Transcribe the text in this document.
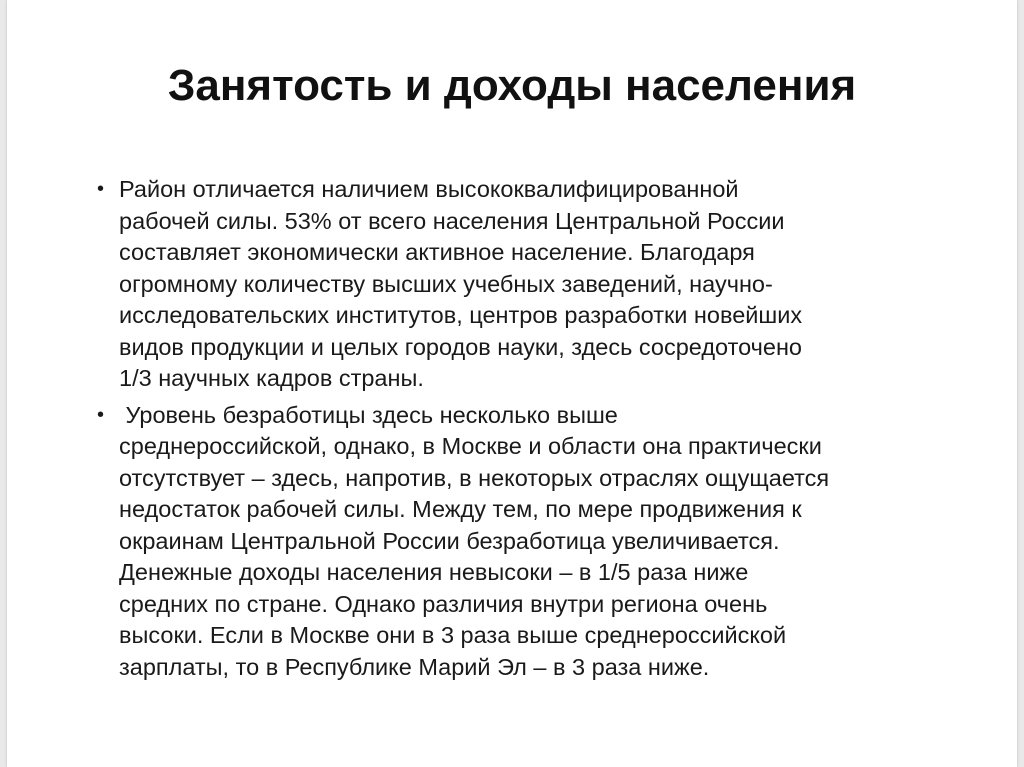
Занятость и доходы населения
• Район отличается наличием высококвалифицированной
рабочей силы. 53% от всего населения Центральной России
составляет экономически активное население. Благодаря
огромному количеству высших учебных заведений, научно-
исследовательских институтов, центров разработки новейших
видов продукции и целых городов науки, здесь сосредоточено
1/3 научных кадров страны.
• Уровень безработицы здесь несколько выше
среднероссийской, однако, в Москве и области она практически
отсутствует – здесь, напротив, в некоторых отраслях ощущается
недостаток рабочей силы. Между тем, по мере продвижения к
окраинам Центральной России безработица увеличивается.
Денежные доходы населения невысоки – в 1/5 раза ниже
средних по стране. Однако различия внутри региона очень
высоки. Если в Москве они в 3 раза выше среднероссийской
зарплаты, то в Республике Марий Эл – в 3 раза ниже.
